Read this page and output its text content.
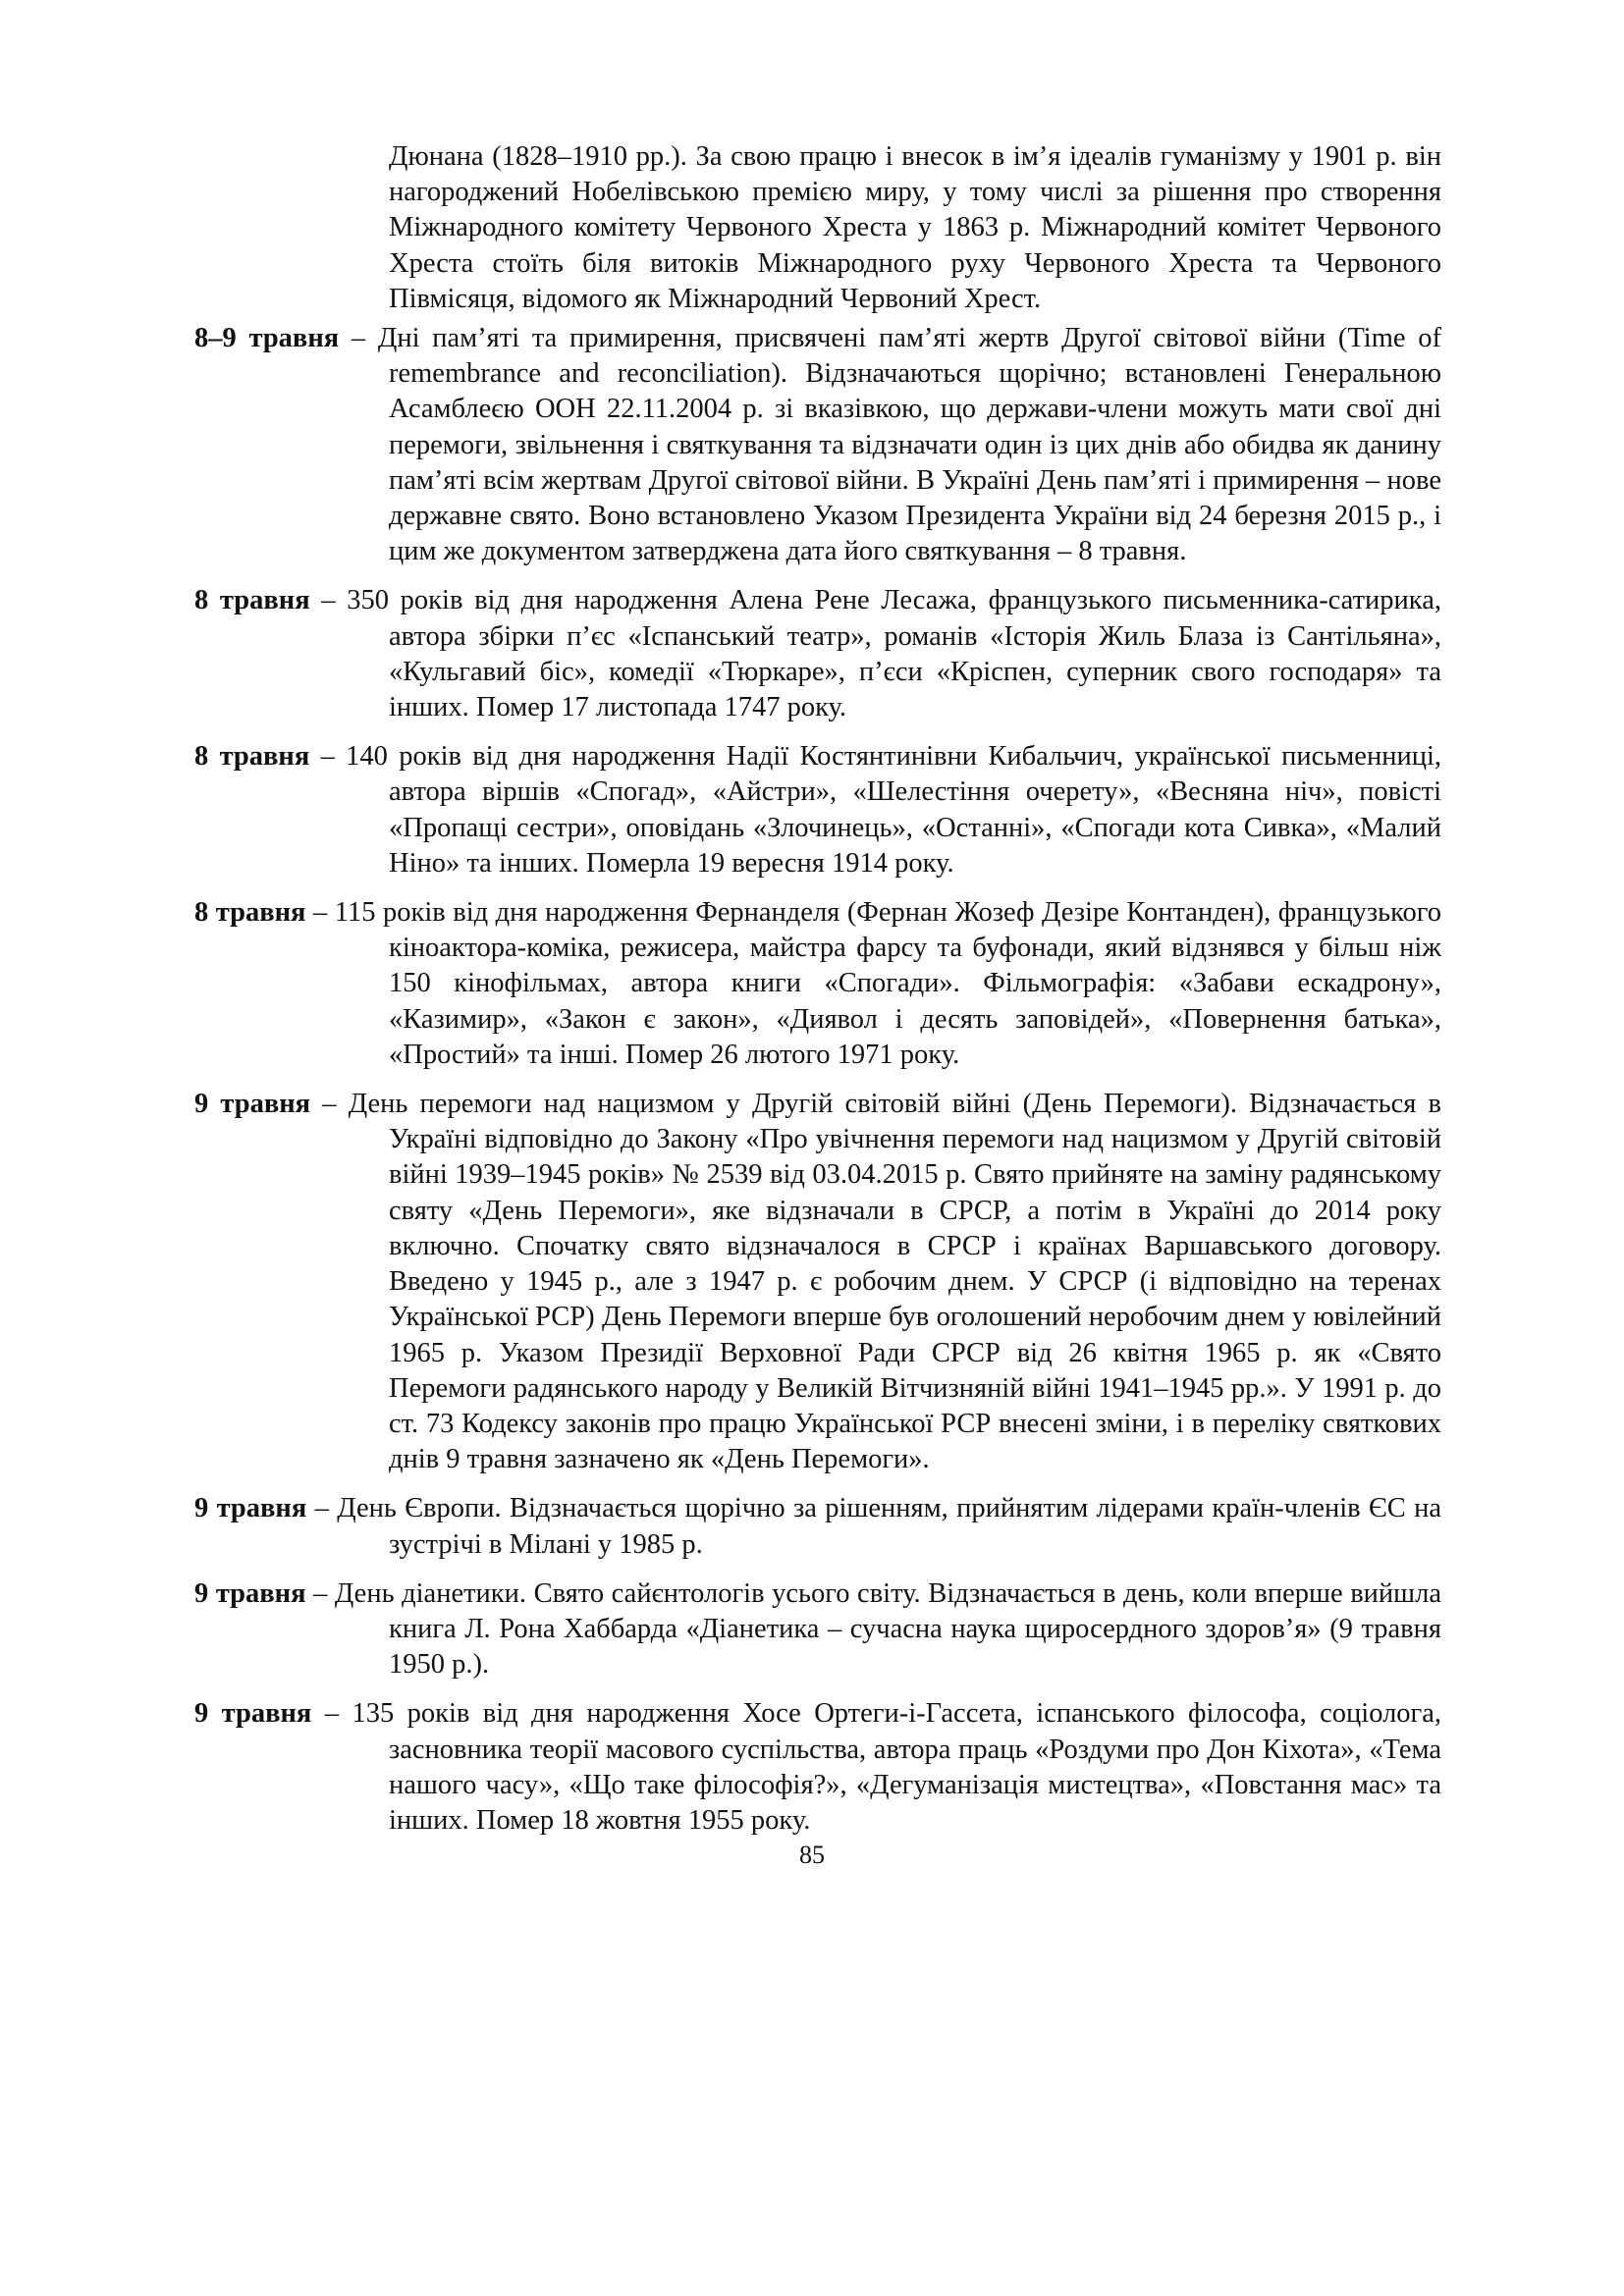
Дюнана (1828–1910 рр.). За свою працю і внесок в ім’я ідеалів гуманізму у 1901 р. він нагороджений Нобелівською премією миру, у тому числі за рішення про створення Міжнародного комітету Червоного Хреста у 1863 р. Міжнародний комітет Червоного Хреста стоїть біля витоків Міжнародного руху Червоного Хреста та Червоного Півмісяця, відомого як Міжнародний Червоний Хрест.

8–9 травня – Дні пам’яті та примирення, присвячені пам’яті жертв Другої світової війни (Time of remembrance and reconciliation). Відзначаються щорічно; встановлені Генеральною Асамблеєю ООН 22.11.2004 р. зі вказівкою, що держави-члени можуть мати свої дні перемоги, звільнення і святкування та відзначати один із цих днів або обидва як данину пам’яті всім жертвам Другої світової війни. В Україні День пам’яті і примирення – нове державне свято. Воно встановлено Указом Президента України від 24 березня 2015 р., і цим же документом затверджена дата його святкування – 8 травня.

8 травня – 350 років від дня народження Алена Рене Лесажа, французького письменника-сатирика, автора збірки п’єс «Іспанський театр», романів «Історія Жиль Блаза із Сантільяна», «Кульгавий біс», комедії «Тюркаре», п’єси «Кріспен, суперник свого господаря» та інших. Помер 17 листопада 1747 року.

8 травня – 140 років від дня народження Надії Костянтинівни Кибальчич, української письменниці, автора віршів «Спогад», «Айстри», «Шелестіння очерету», «Весняна ніч», повісті «Пропащі сестри», оповідань «Злочинець», «Останні», «Спогади кота Сивка», «Малий Ніно» та інших. Померла 19 вересня 1914 року.

8 травня – 115 років від дня народження Фернанделя (Фернан Жозеф Дезіре Контанден), французького кіноактора-коміка, режисера, майстра фарсу та буфонади, який відзнявся у більш ніж 150 кінофільмах, автора книги «Спогади». Фільмографія: «Забави ескадрону», «Казимир», «Закон є закон», «Диявол і десять заповідей», «Повернення батька», «Простий» та інші. Помер 26 лютого 1971 року.

9 травня – День перемоги над нацизмом у Другій світовій війні (День Перемоги). Відзначається в Україні відповідно до Закону «Про увічнення перемоги над нацизмом у Другій світовій війні 1939–1945 років» № 2539 від 03.04.2015 р. Свято прийняте на заміну радянському святу «День Перемоги», яке відзначали в СРСР, а потім в Україні до 2014 року включно. Спочатку свято відзначалося в СРСР і країнах Варшавського договору. Введено у 1945 р., але з 1947 р. є робочим днем. У СРСР (і відповідно на теренах Української РСР) День Перемоги вперше був оголошений неробочим днем у ювілейний 1965 р. Указом Президії Верховної Ради СРСР від 26 квітня 1965 р. як «Свято Перемоги радянського народу у Великій Вітчизняній війні 1941–1945 рр.». У 1991 р. до ст. 73 Кодексу законів про працю Української РСР внесені зміни, і в переліку святкових днів 9 травня зазначено як «День Перемоги».

9 травня – День Європи. Відзначається щорічно за рішенням, прийнятим лідерами країн-членів ЄС на зустрічі в Мілані у 1985 р.

9 травня – День діанетики. Свято сайєнтологів усього світу. Відзначається в день, коли вперше вийшла книга Л. Рона Хаббарда «Діанетика – сучасна наука щиросердного здоров’я» (9 травня 1950 р.).

9 травня – 135 років від дня народження Хосе Ортеги-і-Гассета, іспанського філософа, соціолога, засновника теорії масового суспільства, автора праць «Роздуми про Дон Кіхота», «Тема нашого часу», «Що таке філософія?», «Дегуманізація мистецтва», «Повстання мас» та інших. Помер 18 жовтня 1955 року.

85
